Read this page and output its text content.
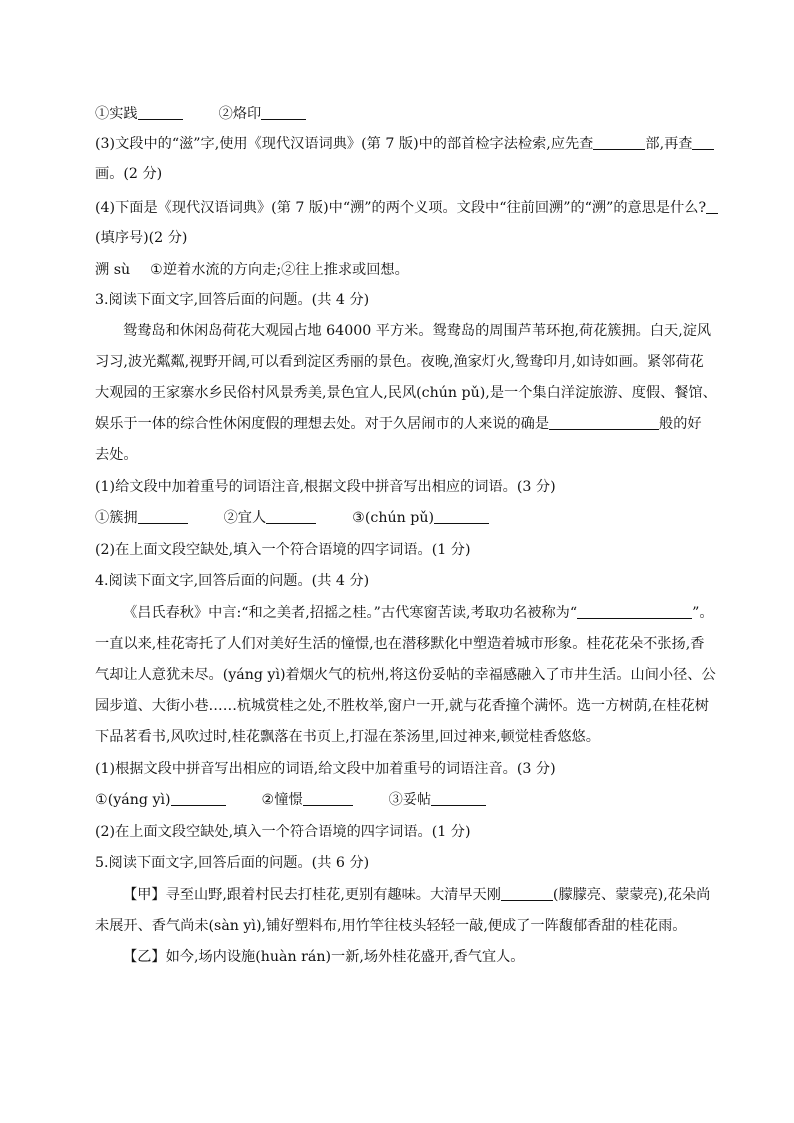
①实践	②烙印
(3)文段中的“滋”字,使用《现代汉语词典》(第 7 版)中的部首检字法检索,应先查	部,再查
画。(2 分)
(4)下面是《现代汉语词典》(第 7 版)中“溯”的两个义项。文段中“往前回溯”的“溯”的意思是什么?
(填序号)(2 分)
溯 sù ①逆着水流的方向走;②往上推求或回想。
3.阅读下面文字,回答后面的问题。(共 4 分)
鸳鸯岛和休闲岛荷花大观园占地 64000 平方米。鸳鸯岛的周围芦苇环抱,荷花簇拥。白天,淀风
习习,波光粼粼,视野开阔,可以看到淀区秀丽的景色。夜晚,渔家灯火,鸳鸯印月,如诗如画。紧邻荷花
大观园的王家寨水乡民俗村风景秀美,景色宜人,民风(chún pǔ),是一个集白洋淀旅游、度假、餐馆、
娱乐于一体的综合性休闲度假的理想去处。对于久居闹市的人来说的确是	般的好
去处。
(1)给文段中加着重号的词语注音,根据文段中拼音写出相应的词语。(3 分)
①簇拥	②宜人	③(chún pǔ)
(2)在上面文段空缺处,填入一个符合语境的四字词语。(1 分)
4.阅读下面文字,回答后面的问题。(共 4 分)
《吕氏春秋》中言:“和之美者,招摇之桂。”古代寒窗苦读,考取功名被称为“	”。
一直以来,桂花寄托了人们对美好生活的憧憬,也在潜移默化中塑造着城市形象。桂花花朵不张扬,香
气却让人意犹未尽。(yáng yì)着烟火气的杭州,将这份妥帖的幸福感融入了市井生活。山间小径、公
园步道、大街小巷……杭城赏桂之处,不胜枚举,窗户一开,就与花香撞个满怀。选一方树荫,在桂花树
下品茗看书,风吹过时,桂花飘落在书页上,打湿在茶汤里,回过神来,顿觉桂香悠悠。
(1)根据文段中拼音写出相应的词语,给文段中加着重号的词语注音。(3 分)
①(yáng yì)	②憧憬	③妥帖
(2)在上面文段空缺处,填入一个符合语境的四字词语。(1 分)
5.阅读下面文字,回答后面的问题。(共 6 分)
【甲】寻至山野,跟着村民去打桂花,更别有趣味。大清早天刚	(朦朦亮、蒙蒙亮),花朵尚
未展开、香气尚未(sàn yì),铺好塑料布,用竹竿往枝头轻轻一敲,便成了一阵馥郁香甜的桂花雨。
【乙】如今,场内设施(huàn rán)一新,场外桂花盛开,香气宜人。
